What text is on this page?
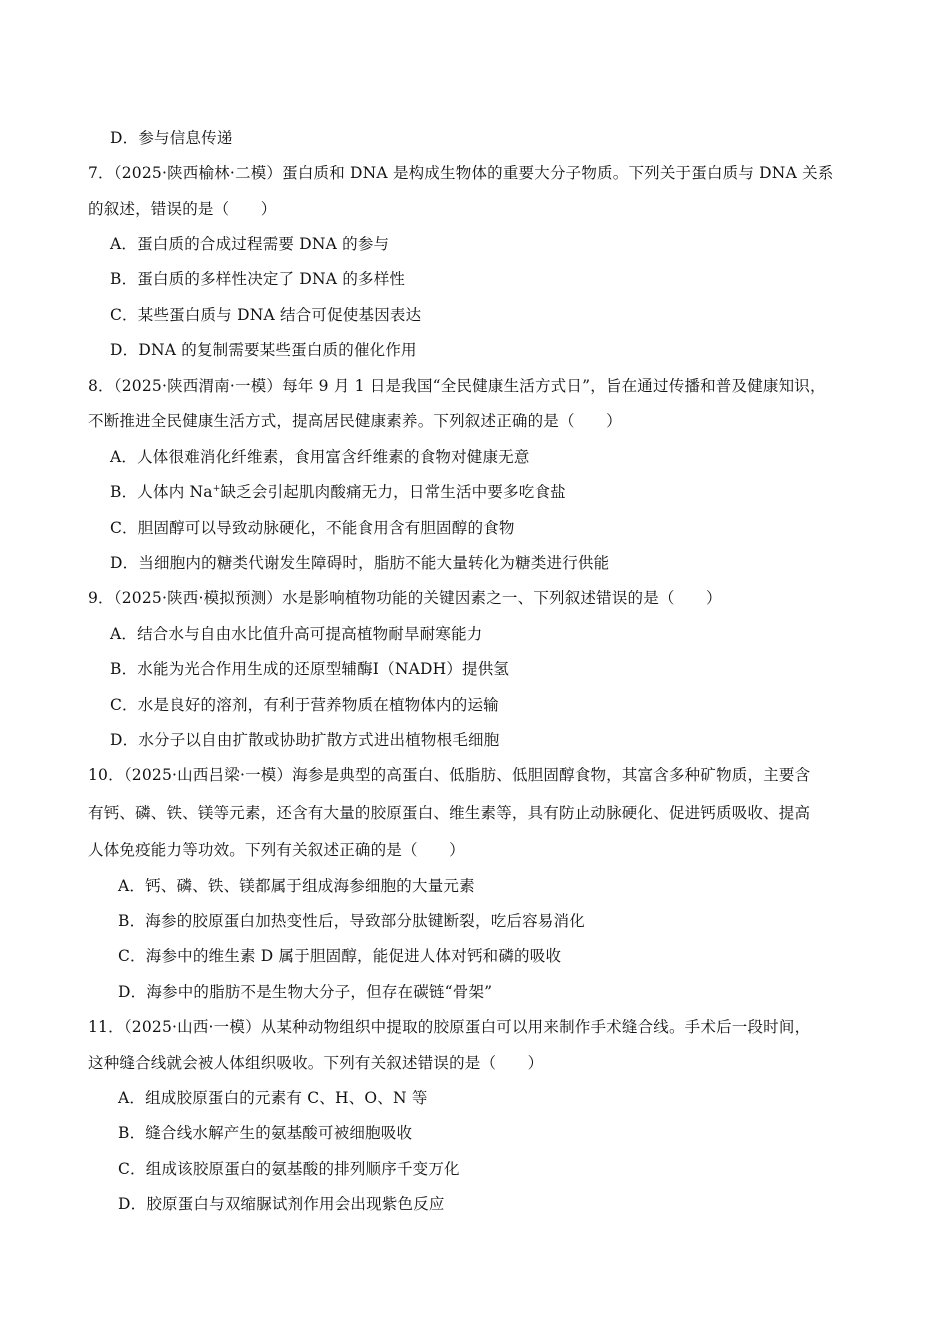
D．参与信息传递
7．（2025·陕西榆林·二模）蛋白质和 DNA 是构成生物体的重要大分子物质。下列关于蛋白质与 DNA 关系
的叙述，错误的是（　　）
A．蛋白质的合成过程需要 DNA 的参与
B．蛋白质的多样性决定了 DNA 的多样性
C．某些蛋白质与 DNA 结合可促使基因表达
D．DNA 的复制需要某些蛋白质的催化作用
8．（2025·陕西渭南·一模）每年 9 月 1 日是我国“全民健康生活方式日”，旨在通过传播和普及健康知识，
不断推进全民健康生活方式，提高居民健康素养。下列叙述正确的是（　　）
A．人体很难消化纤维素，食用富含纤维素的食物对健康无意
B．人体内 Na+缺乏会引起肌肉酸痛无力，日常生活中要多吃食盐
C．胆固醇可以导致动脉硬化，不能食用含有胆固醇的食物
D．当细胞内的糖类代谢发生障碍时，脂肪不能大量转化为糖类进行供能
9．（2025·陕西·模拟预测）水是影响植物功能的关键因素之一、下列叙述错误的是（　　）
A．结合水与自由水比值升高可提高植物耐旱耐寒能力
B．水能为光合作用生成的还原型辅酶Ⅰ（NADH）提供氢
C．水是良好的溶剂，有利于营养物质在植物体内的运输
D．水分子以自由扩散或协助扩散方式进出植物根毛细胞
10．（2025·山西吕梁·一模）海参是典型的高蛋白、低脂肪、低胆固醇食物，其富含多种矿物质，主要含
有钙、磷、铁、镁等元素，还含有大量的胶原蛋白、维生素等，具有防止动脉硬化、促进钙质吸收、提高
人体免疫能力等功效。下列有关叙述正确的是（　　）
A．钙、磷、铁、镁都属于组成海参细胞的大量元素
B．海参的胶原蛋白加热变性后，导致部分肽键断裂，吃后容易消化
C．海参中的维生素 D 属于胆固醇，能促进人体对钙和磷的吸收
D．海参中的脂肪不是生物大分子，但存在碳链“骨架”
11．（2025·山西·一模）从某种动物组织中提取的胶原蛋白可以用来制作手术缝合线。手术后一段时间，
这种缝合线就会被人体组织吸收。下列有关叙述错误的是（　　）
A．组成胶原蛋白的元素有 C、H、O、N 等
B．缝合线水解产生的氨基酸可被细胞吸收
C．组成该胶原蛋白的氨基酸的排列顺序千变万化
D．胶原蛋白与双缩脲试剂作用会出现紫色反应
